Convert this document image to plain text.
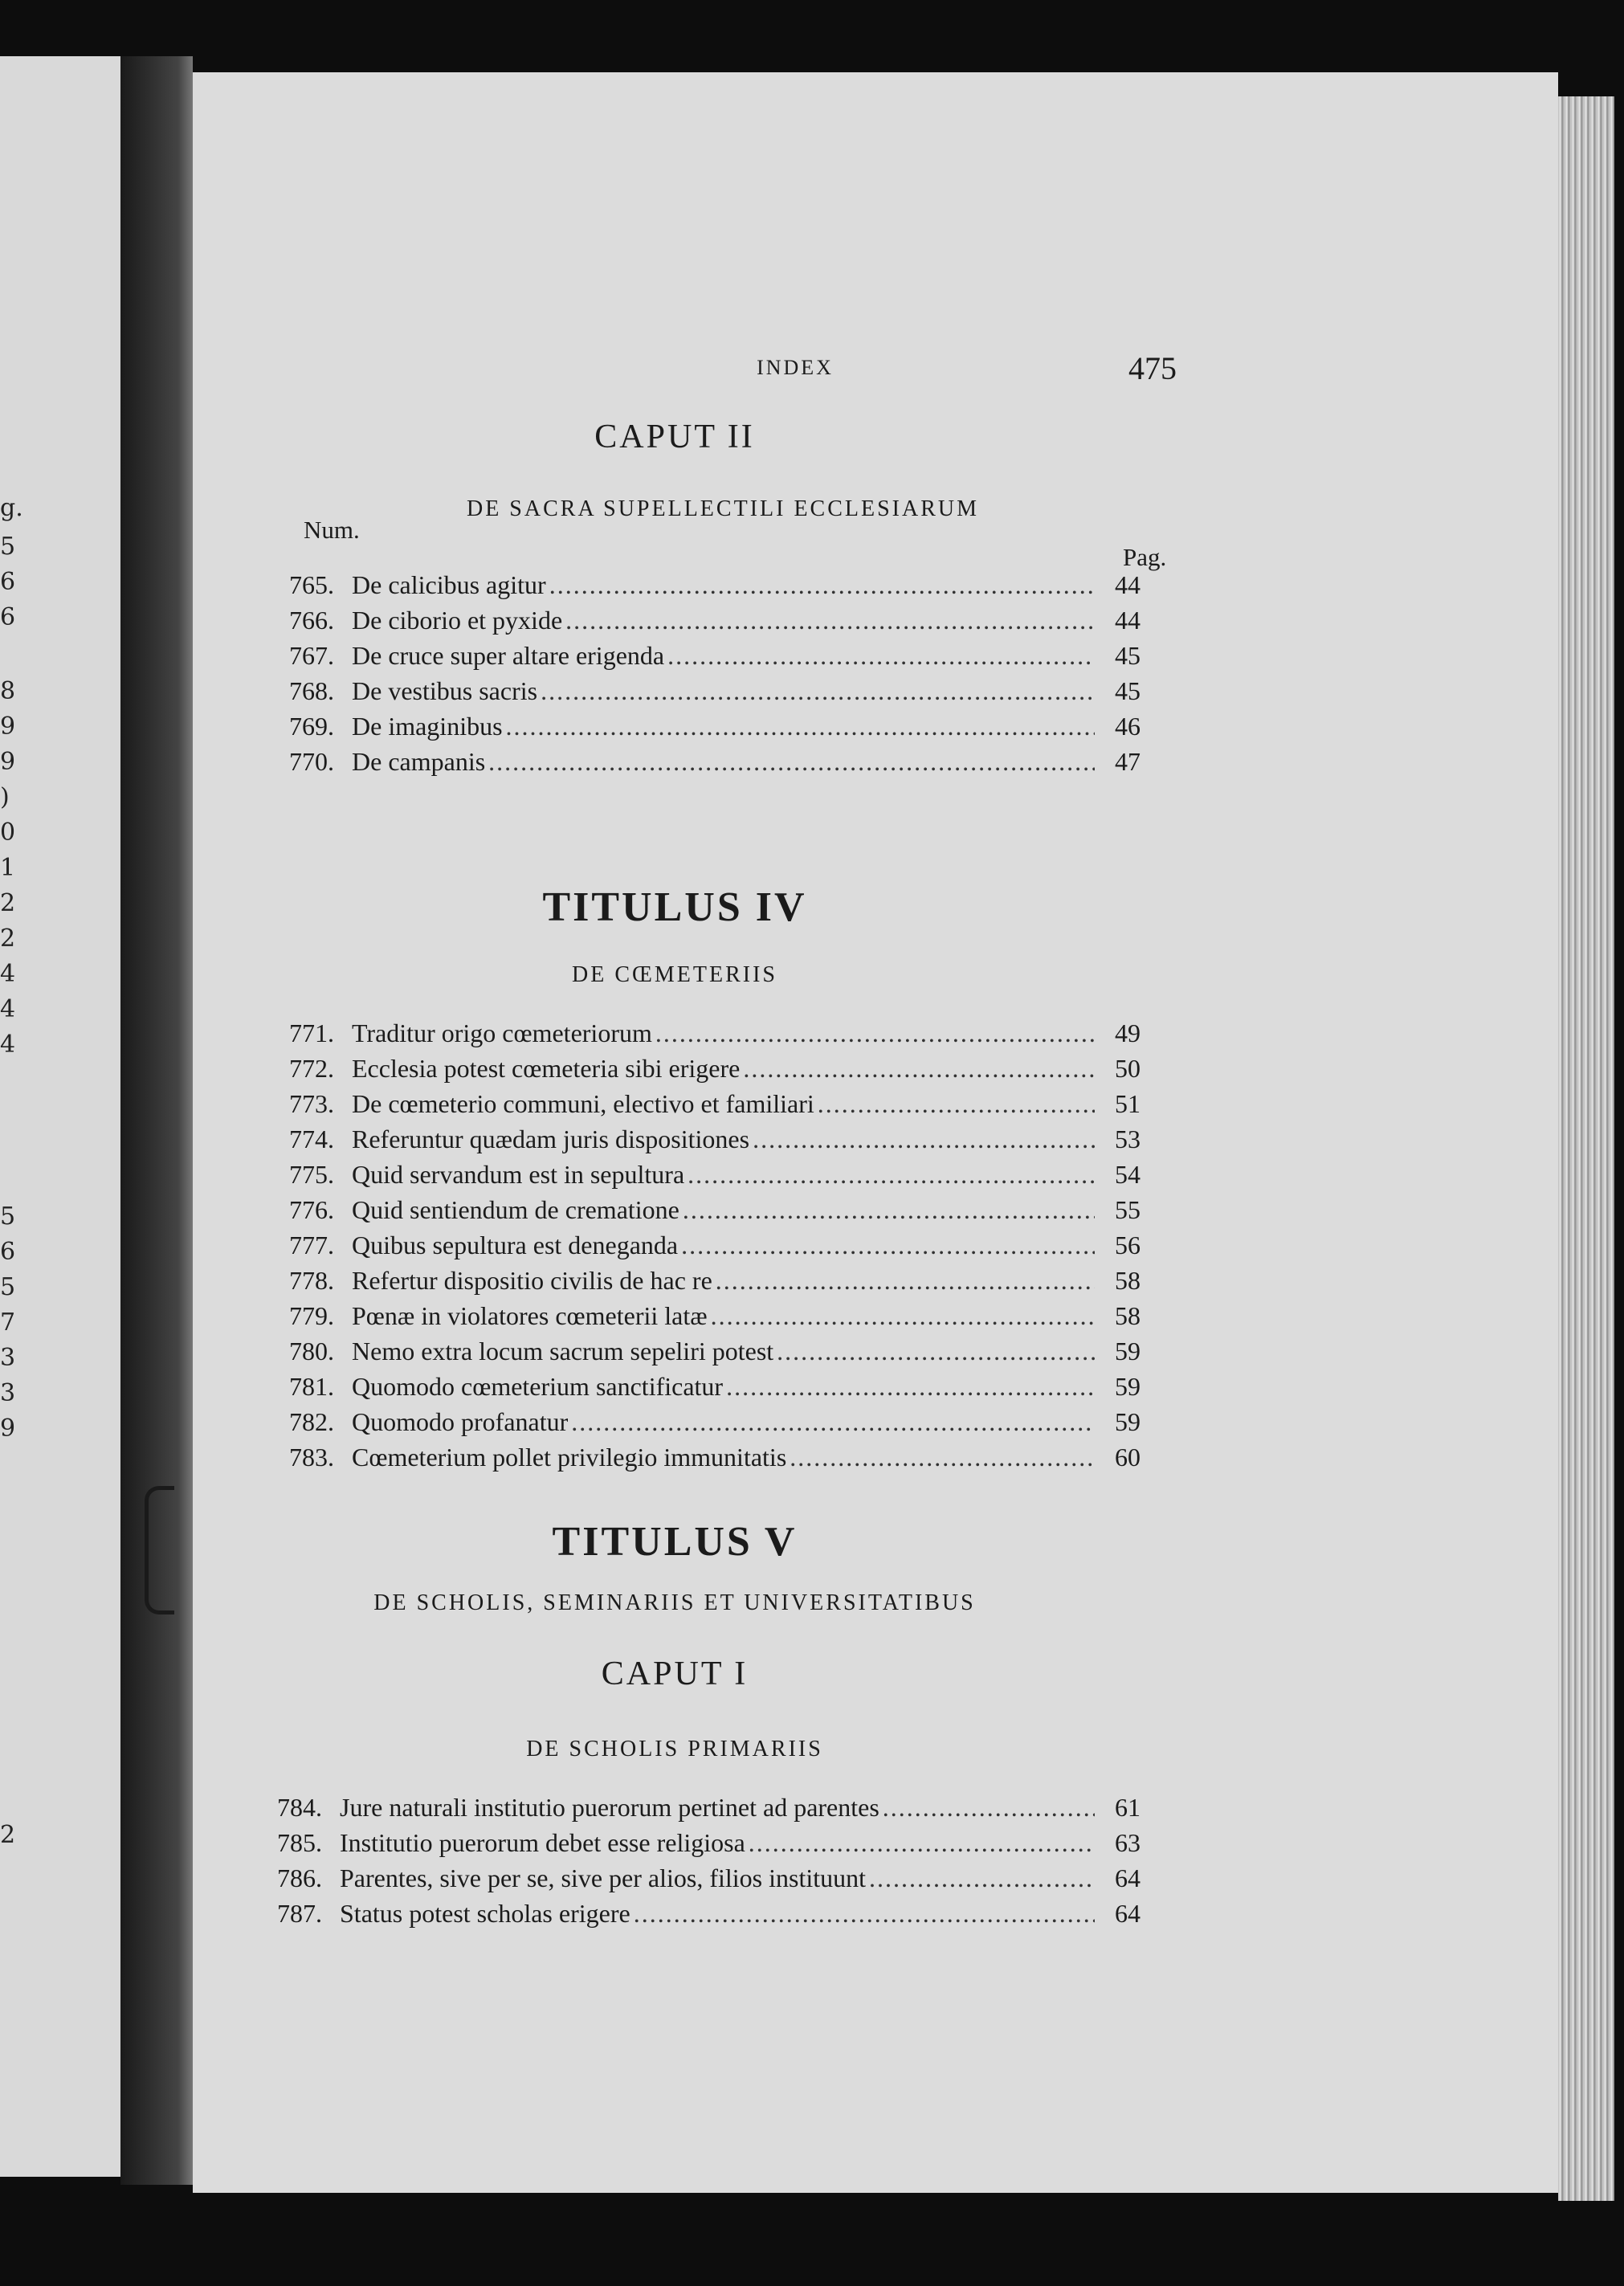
g.
5
6
6
8
9
9
)
0
1
2
2
4
4
4
5
6
5
7
3
3
9
2
INDEX	475
CAPUT II
DE SACRA SUPELLECTILI ECCLESIARUM
Num.
Pag.
765. De calicibus agitur .....	44
766. De ciborio et pyxide .....	44
767. De cruce super altare erigenda .....	45
768. De vestibus sacris .....	45
769. De imaginibus .....	46
770. De campanis .....	47
TITULUS IV
DE CŒMETERIIS
771. Traditur origo cœmeteriorum .....	49
772. Ecclesia potest cœmeteria sibi erigere .....	50
773. De cœmeterio communi, electivo et familiari .....	51
774. Referuntur quædam juris dispositiones .....	53
775. Quid servandum est in sepultura .....	54
776. Quid sentiendum de crematione .....	55
777. Quibus sepultura est deneganda .....	56
778. Refertur dispositio civilis de hac re .....	58
779. Pœnæ in violatores cœmeterii latæ .....	58
780. Nemo extra locum sacrum sepeliri potest .....	59
781. Quomodo cœmeterium sanctificatur .....	59
782. Quomodo profanatur .....	59
783. Cœmeterium pollet privilegio immunitatis .....	60
TITULUS V
DE SCHOLIS, SEMINARIIS ET UNIVERSITATIBUS
CAPUT I
DE SCHOLIS PRIMARIIS
784. Jure naturali institutio puerorum pertinet ad parentes .....	61
785. Institutio puerorum debet esse religiosa .....	63
786. Parentes, sive per se, sive per alios, filios instituunt .....	64
787. Status potest scholas erigere .....	64
